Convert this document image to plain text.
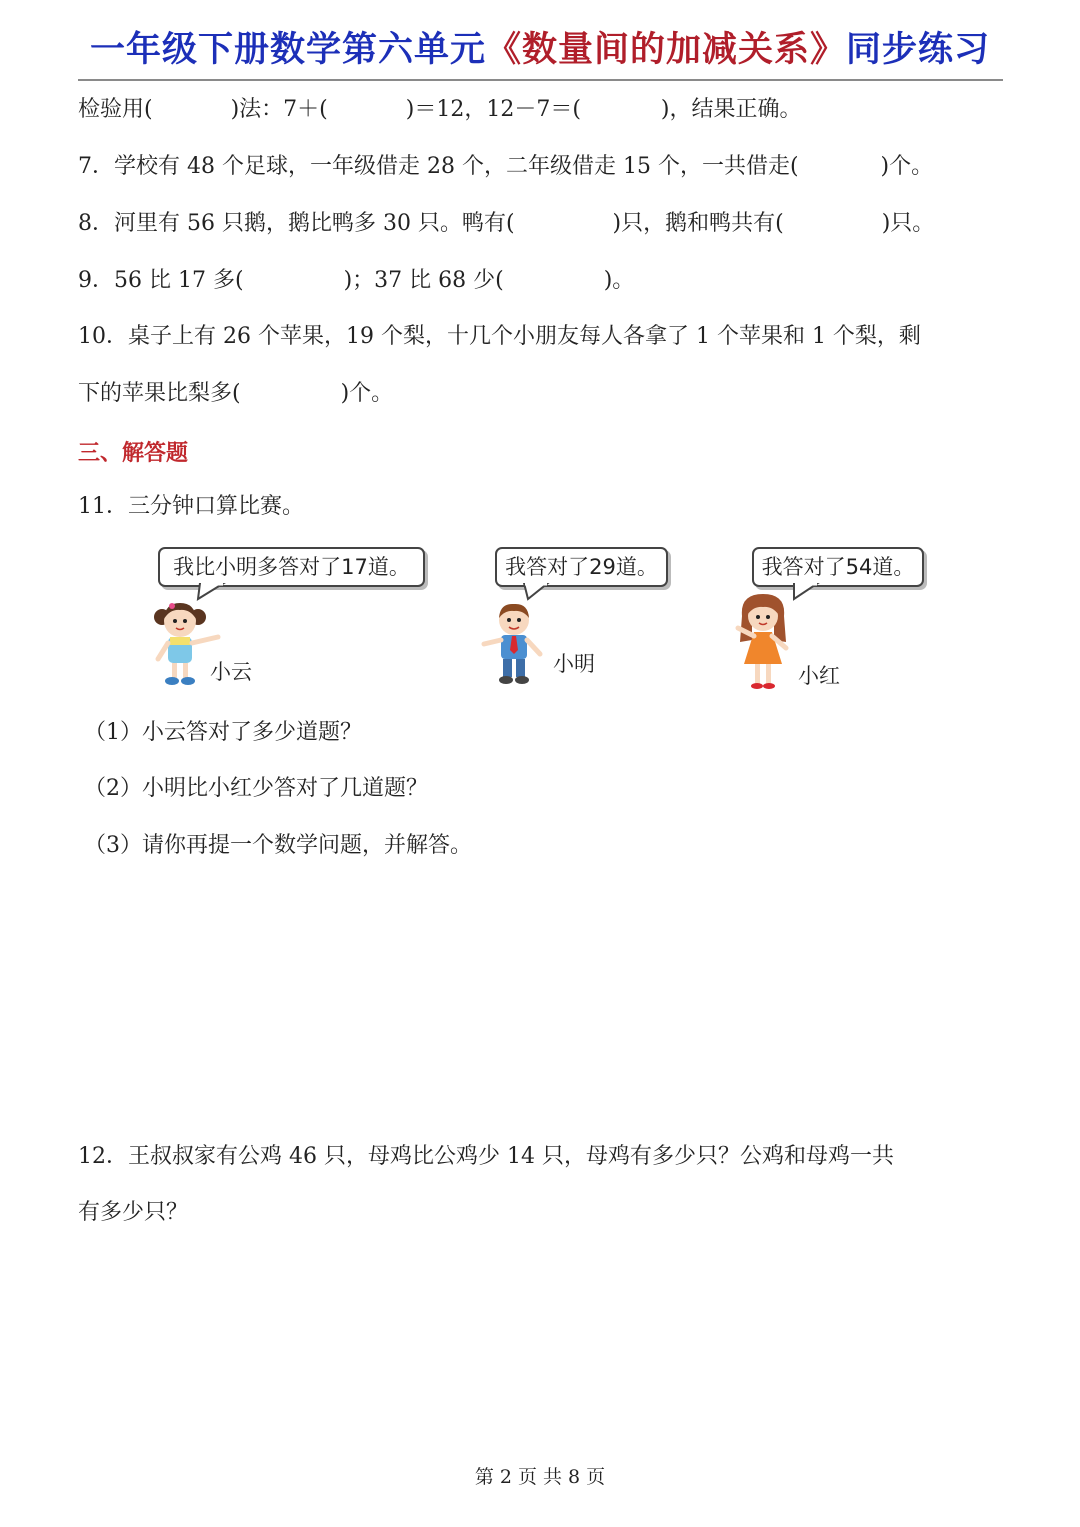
一年级下册数学第六单元《数量间的加减关系》同步练习
检验用(	)法：7＋(	)＝12，12－7＝(	)，结果正确。
7．学校有 48 个足球，一年级借走 28 个，二年级借走 15 个，一共借走(	)个。
8．河里有 56 只鹅，鹅比鸭多 30 只。鸭有(	)只，鹅和鸭共有(	)只。
9．56 比 17 多(	)；37 比 68 少(	)。
10．桌子上有 26 个苹果，19 个梨，十几个小朋友每人各拿了 1 个苹果和 1 个梨，剩
下的苹果比梨多(	)个。
三、解答题
11．三分钟口算比赛。
我比小明多答对了17道。	我答对了29道。	我答对了54道。
小云	小明	小红
（1）小云答对了多少道题？
（2）小明比小红少答对了几道题？
（3）请你再提一个数学问题，并解答。
12．王叔叔家有公鸡 46 只，母鸡比公鸡少 14 只，母鸡有多少只？公鸡和母鸡一共
有多少只？
第 2 页 共 8 页
